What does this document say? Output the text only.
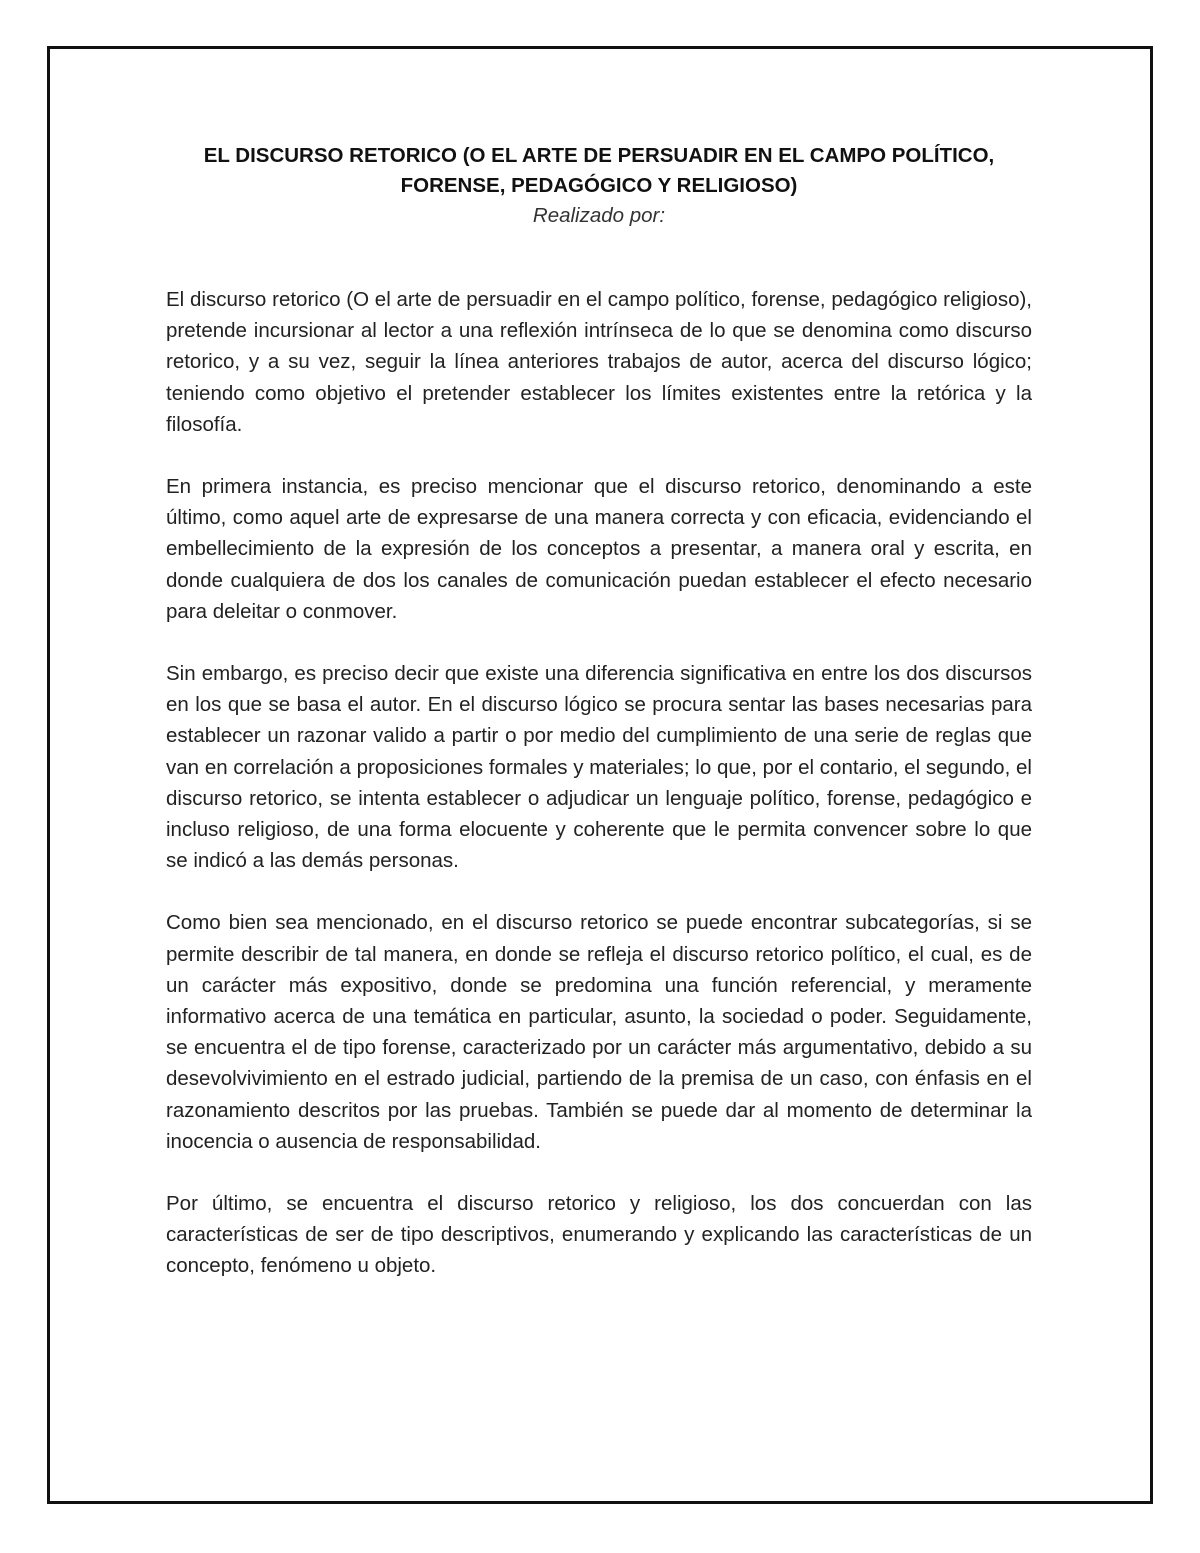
EL DISCURSO RETORICO (O EL ARTE DE PERSUADIR EN EL CAMPO POLÍTICO, FORENSE, PEDAGÓGICO Y RELIGIOSO)

Realizado por:

El discurso retorico (O el arte de persuadir en el campo político, forense, pedagógico religioso), pretende incursionar al lector a una reflexión intrínseca de lo que se denomina como discurso retorico, y a su vez, seguir la línea anteriores trabajos de autor, acerca del discurso lógico; teniendo como objetivo el pretender establecer los límites existentes entre la retórica y la filosofía.

En primera instancia, es preciso mencionar que el discurso retorico, denominando a este último, como aquel arte de expresarse de una manera correcta y con eficacia, evidenciando el embellecimiento de la expresión de los conceptos a presentar, a manera oral y escrita, en donde cualquiera de dos los canales de comunicación puedan establecer el efecto necesario para deleitar o conmover.

Sin embargo, es preciso decir que existe una diferencia significativa en entre los dos discursos en los que se basa el autor. En el discurso lógico se procura sentar las bases necesarias para establecer un razonar valido a partir o por medio del cumplimiento de una serie de reglas que van en correlación a proposiciones formales y materiales; lo que, por el contario, el segundo, el discurso retorico, se intenta establecer o adjudicar un lenguaje político, forense, pedagógico e incluso religioso, de una forma elocuente y coherente que le permita convencer sobre lo que se indicó a las demás personas.

Como bien sea mencionado, en el discurso retorico se puede encontrar subcategorías, si se permite describir de tal manera, en donde se refleja el discurso retorico político, el cual, es de un carácter más expositivo, donde se predomina una función referencial, y meramente informativo acerca de una temática en particular, asunto, la sociedad o poder. Seguidamente, se encuentra el de tipo forense, caracterizado por un carácter más argumentativo, debido a su desevolvivimiento en el estrado judicial, partiendo de la premisa de un caso, con énfasis en el razonamiento descritos por las pruebas. También se puede dar al momento de determinar la inocencia o ausencia de responsabilidad.

Por último, se encuentra el discurso retorico y religioso, los dos concuerdan con las características de ser de tipo descriptivos, enumerando y explicando las características de un concepto, fenómeno u objeto.
